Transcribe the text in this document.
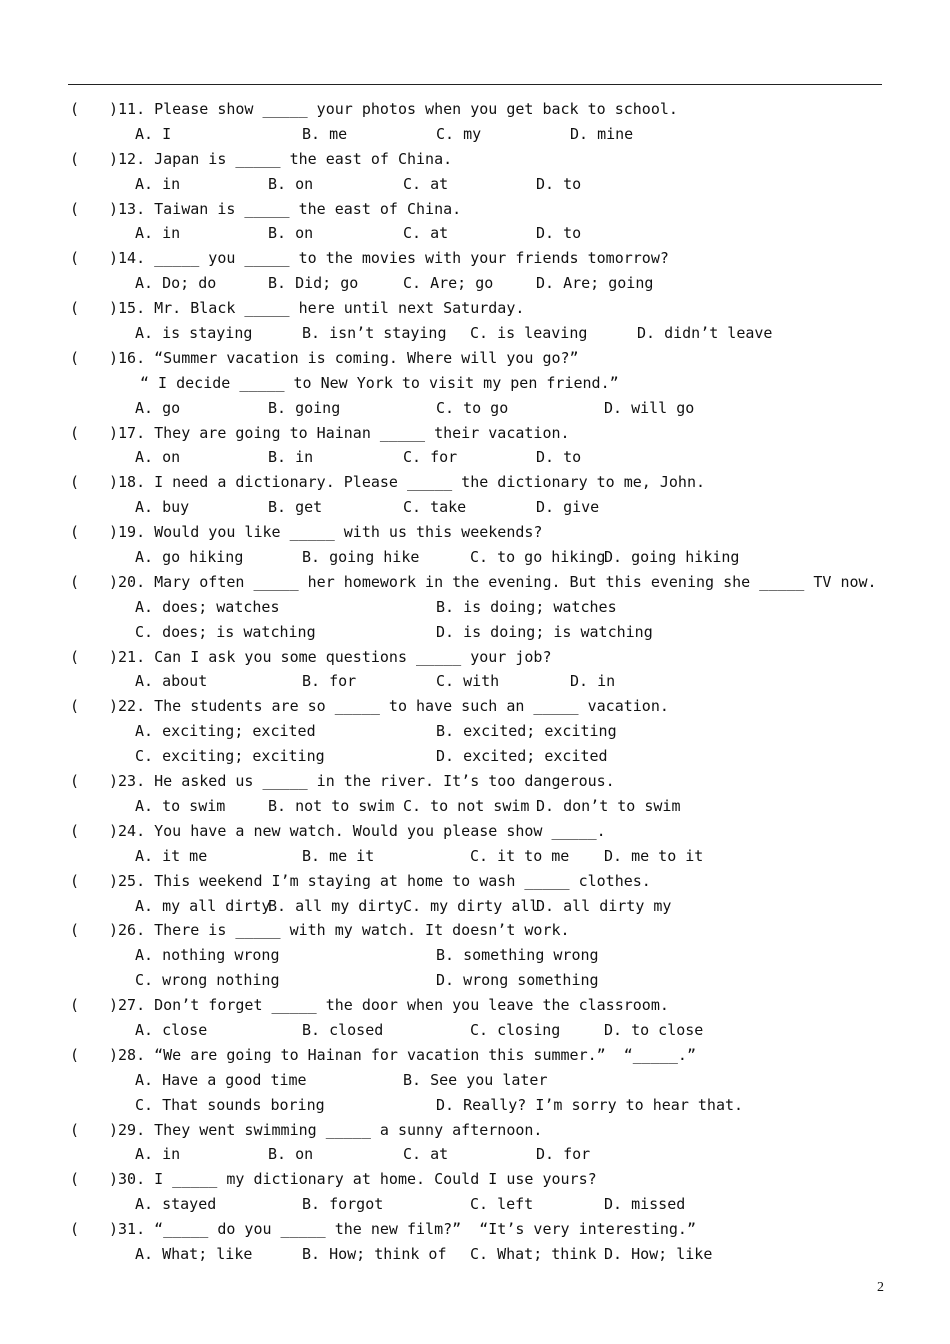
( ) 11. Please show _____ your photos when you get back to school.
A. I	B. me	C. my	D. mine
( ) 12. Japan is _____ the east of China.
A. in	B. on	C. at	D. to
( ) 13. Taiwan is _____ the east of China.
A. in	B. on	C. at	D. to
( ) 14. _____ you _____ to the movies with your friends tomorrow?
A. Do; do	B. Did; go	C. Are; go	D. Are; going
( ) 15. Mr. Black _____ here until next Saturday.
A. is staying	B. isn’t staying C. is leaving	D. didn’t leave
( ) 16. “Summer vacation is coming. Where will you go?”
“ I decide _____ to New York to visit my pen friend.”
A. go	B. going	C. to go	D. will go
( ) 17. They are going to Hainan _____ their vacation.
A. on	B. in	C. for	D. to
( ) 18. I need a dictionary. Please _____ the dictionary to me, John.
A. buy	B. get	C. take	D. give
( ) 19. Would you like _____ with us this weekends?
A. go hiking	B. going hike	C. to go hiking
D. going hiking
( ) 20. Mary often _____ her homework in the evening. But this evening she _____ TV now.
A. does; watches	B. is doing; watches
C. does; is watching	D. is doing; is watching
( ) 21. Can I ask you some questions _____ your job?
A. about	B. for	C. with	D. in
( ) 22. The students are so _____ to have such an _____ vacation.
A. exciting; excited	B. excited; exciting
C. exciting; exciting	D. excited; excited
( ) 23. He asked us _____ in the river. It’s too dangerous.
A. to swim	B. not to swim C. to not swim D. don’t to swim
( ) 24. You have a new watch. Would you please show _____.
A. it me	B. me it	C. it to me D. me to it
( ) 25. This weekend I’m staying at home to wash _____ clothes.
A. my all dirty
B. all my dirty C. my dirty all
D. all dirty my
( ) 26. There is _____ with my watch. It doesn’t work.
A. nothing wrong	B. something wrong
C. wrong nothing	D. wrong something
( ) 27. Don’t forget _____ the door when you leave the classroom.
A. close	B. closed	C. closing	D. to close
( ) 28. “We are going to Hainan for vacation this summer.”  “_____.”
A. Have a good time	B. See you later
C. That sounds boring	D. Really? I’m sorry to hear that.
( ) 29. They went swimming _____ a sunny afternoon.
A. in	B. on	C. at	D. for
( ) 30. I _____ my dictionary at home. Could I use yours?
A. stayed	B. forgot	C. left	D. missed
( ) 31. “_____ do you _____ the new film?”  “It’s very interesting.”
A. What; like	B. How; think of C. What; think D. How; like
2
